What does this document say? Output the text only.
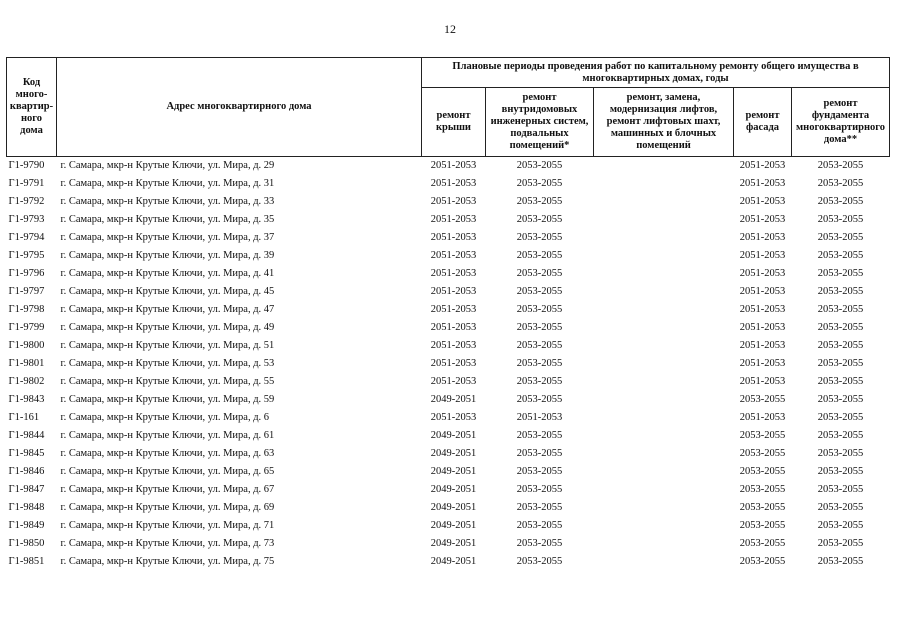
12
Код много-квартир-ного дома	Адрес многоквартирного дома	Плановые периоды проведения работ по капитальному ремонту общего имущества в многоквартирных домах, годы				
		ремонт крыши	ремонт внутридомовых инженерных систем, подвальных помещений*	ремонт, замена, модернизация лифтов, ремонт лифтовых шахт, машинных и блочных помещений	ремонт фасада	ремонт фундамента многоквартирного дома**
Г1-9790	г. Самара, мкр-н Крутые Ключи, ул. Мира, д. 29	2051-2053	2053-2055		2051-2053	2053-2055
Г1-9791	г. Самара, мкр-н Крутые Ключи, ул. Мира, д. 31	2051-2053	2053-2055		2051-2053	2053-2055
Г1-9792	г. Самара, мкр-н Крутые Ключи, ул. Мира, д. 33	2051-2053	2053-2055		2051-2053	2053-2055
Г1-9793	г. Самара, мкр-н Крутые Ключи, ул. Мира, д. 35	2051-2053	2053-2055		2051-2053	2053-2055
Г1-9794	г. Самара, мкр-н Крутые Ключи, ул. Мира, д. 37	2051-2053	2053-2055		2051-2053	2053-2055
Г1-9795	г. Самара, мкр-н Крутые Ключи, ул. Мира, д. 39	2051-2053	2053-2055		2051-2053	2053-2055
Г1-9796	г. Самара, мкр-н Крутые Ключи, ул. Мира, д. 41	2051-2053	2053-2055		2051-2053	2053-2055
Г1-9797	г. Самара, мкр-н Крутые Ключи, ул. Мира, д. 45	2051-2053	2053-2055		2051-2053	2053-2055
Г1-9798	г. Самара, мкр-н Крутые Ключи, ул. Мира, д. 47	2051-2053	2053-2055		2051-2053	2053-2055
Г1-9799	г. Самара, мкр-н Крутые Ключи, ул. Мира, д. 49	2051-2053	2053-2055		2051-2053	2053-2055
Г1-9800	г. Самара, мкр-н Крутые Ключи, ул. Мира, д. 51	2051-2053	2053-2055		2051-2053	2053-2055
Г1-9801	г. Самара, мкр-н Крутые Ключи, ул. Мира, д. 53	2051-2053	2053-2055		2051-2053	2053-2055
Г1-9802	г. Самара, мкр-н Крутые Ключи, ул. Мира, д. 55	2051-2053	2053-2055		2051-2053	2053-2055
Г1-9843	г. Самара, мкр-н Крутые Ключи, ул. Мира, д. 59	2049-2051	2053-2055		2053-2055	2053-2055
Г1-161	г. Самара, мкр-н Крутые Ключи, ул. Мира, д. 6	2051-2053	2051-2053		2051-2053	2053-2055
Г1-9844	г. Самара, мкр-н Крутые Ключи, ул. Мира, д. 61	2049-2051	2053-2055		2053-2055	2053-2055
Г1-9845	г. Самара, мкр-н Крутые Ключи, ул. Мира, д. 63	2049-2051	2053-2055		2053-2055	2053-2055
Г1-9846	г. Самара, мкр-н Крутые Ключи, ул. Мира, д. 65	2049-2051	2053-2055		2053-2055	2053-2055
Г1-9847	г. Самара, мкр-н Крутые Ключи, ул. Мира, д. 67	2049-2051	2053-2055		2053-2055	2053-2055
Г1-9848	г. Самара, мкр-н Крутые Ключи, ул. Мира, д. 69	2049-2051	2053-2055		2053-2055	2053-2055
Г1-9849	г. Самара, мкр-н Крутые Ключи, ул. Мира, д. 71	2049-2051	2053-2055		2053-2055	2053-2055
Г1-9850	г. Самара, мкр-н Крутые Ключи, ул. Мира, д. 73	2049-2051	2053-2055		2053-2055	2053-2055
Г1-9851	г. Самара, мкр-н Крутые Ключи, ул. Мира, д. 75	2049-2051	2053-2055		2053-2055	2053-2055
